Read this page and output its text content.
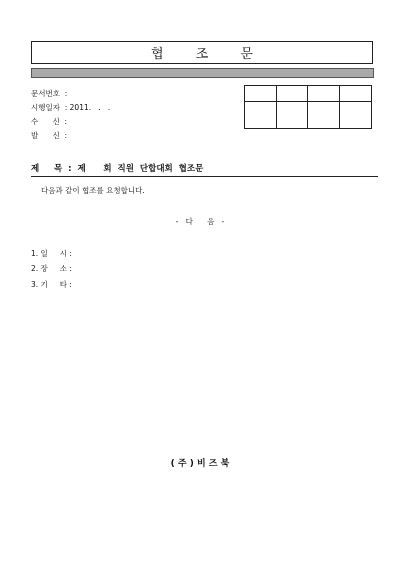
협 조 문
문서번호  :
시행일자  : 2011.   .   .
수      신  :
발      신  :
제     목  :  제      회  직원  단합대회  협조문
다음과 같이 협조를 요청합니다.
-   다      음   -
1. 일     시 :
2. 장     소 :
3. 기     타 :
( 주 ) 비 즈 북
